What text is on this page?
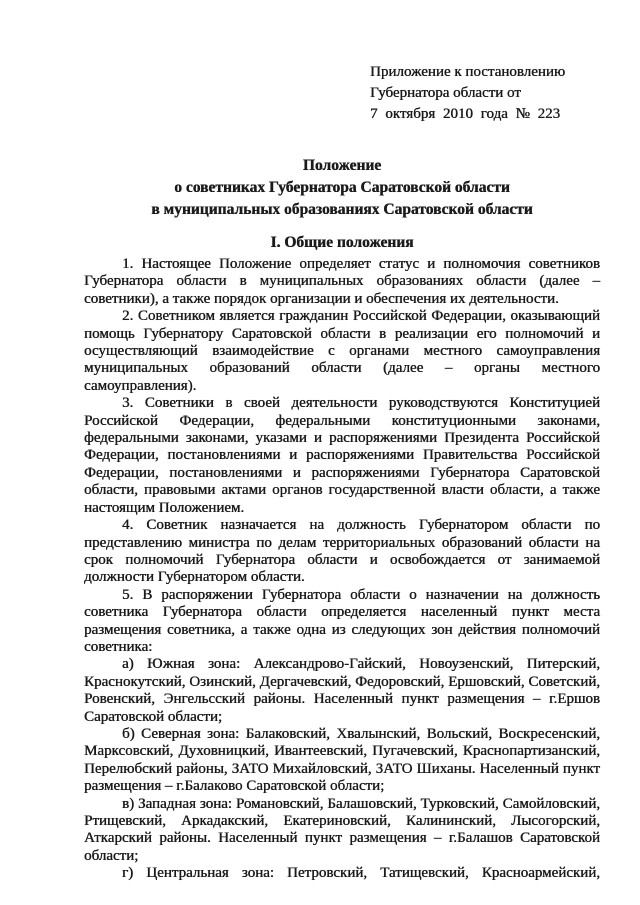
Приложение к постановлению
Губернатора области от
7 октября 2010 года № 223
Положение
о советниках Губернатора Саратовской области
в муниципальных образованиях Саратовской области
I. Общие положения

1. Настоящее Положение определяет статус и полномочия советников Губернатора области в муниципальных образованиях области (далее – советники), а также порядок организации и обеспечения их деятельности.

2. Советником является гражданин Российской Федерации, оказывающий помощь Губернатору Саратовской области в реализации его полномочий и осуществляющий взаимодействие с органами местного самоуправления муниципальных образований области (далее – органы местного самоуправления).

3. Советники в своей деятельности руководствуются Конституцией Российской Федерации, федеральными конституционными законами, федеральными законами, указами и распоряжениями Президента Российской Федерации, постановлениями и распоряжениями Правительства Российской Федерации, постановлениями и распоряжениями Губернатора Саратовской области, правовыми актами органов государственной власти области, а также настоящим Положением.

4. Советник назначается на должность Губернатором области по представлению министра по делам территориальных образований области на срок полномочий Губернатора области и освобождается от занимаемой должности Губернатором области.

5. В распоряжении Губернатора области о назначении на должность советника Губернатора области определяется населенный пункт места размещения советника, а также одна из следующих зон действия полномочий советника:

а) Южная зона: Александрово-Гайский, Новоузенский, Питерский, Краснокутский, Озинский, Дергачевский, Федоровский, Ершовский, Советский, Ровенский, Энгельсский районы. Населенный пункт размещения – г.Ершов Саратовской области;

б) Северная зона: Балаковский, Хвалынский, Вольский, Воскресенский, Марксовский, Духовницкий, Ивантеевский, Пугачевский, Краснопартизанский, Перелюбский районы, ЗАТО Михайловский, ЗАТО Шиханы. Населенный пункт размещения – г.Балаково Саратовской области;

в) Западная зона: Романовский, Балашовский, Турковский, Самойловский, Ртищевский, Аркадакский, Екатериновский, Калининский, Лысогорский, Аткарский районы. Населенный пункт размещения – г.Балашов Саратовской области;

г) Центральная зона: Петровский, Татищевский, Красноармейский,
